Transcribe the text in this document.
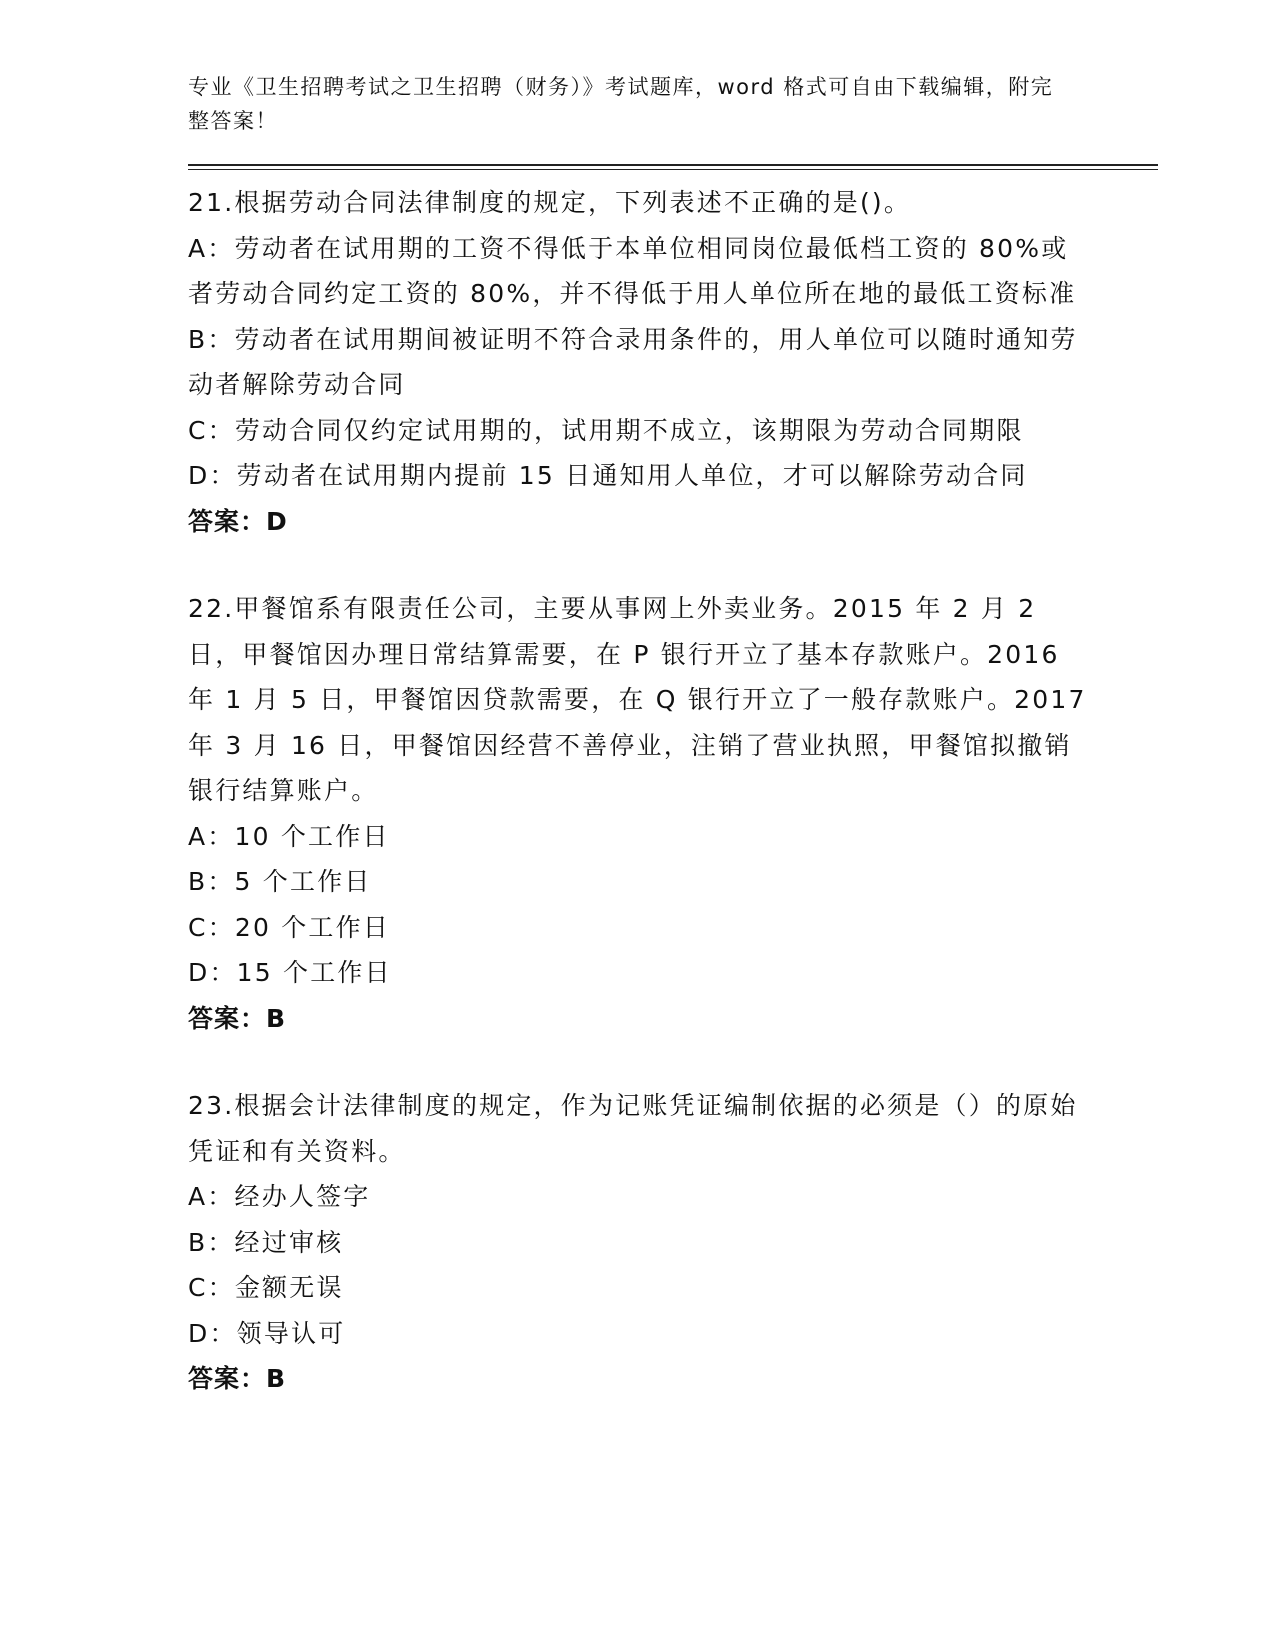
专业《卫生招聘考试之卫生招聘（财务）》考试题库，word 格式可自由下载编辑，附完整答案！

21.根据劳动合同法律制度的规定，下列表述不正确的是()。

A：劳动者在试用期的工资不得低于本单位相同岗位最低档工资的 80%或者劳动合同约定工资的 80%，并不得低于用人单位所在地的最低工资标准

B：劳动者在试用期间被证明不符合录用条件的，用人单位可以随时通知劳动者解除劳动合同

C：劳动合同仅约定试用期的，试用期不成立，该期限为劳动合同期限

D：劳动者在试用期内提前 15 日通知用人单位，才可以解除劳动合同

答案：D

22.甲餐馆系有限责任公司，主要从事网上外卖业务。2015 年 2 月 2 日，甲餐馆因办理日常结算需要，在 P 银行开立了基本存款账户。2016 年 1 月 5 日，甲餐馆因贷款需要，在 Q 银行开立了一般存款账户。2017 年 3 月 16 日，甲餐馆因经营不善停业，注销了营业执照，甲餐馆拟撤销银行结算账户。

A：10 个工作日

B：5 个工作日

C：20 个工作日

D：15 个工作日

答案：B

23.根据会计法律制度的规定，作为记账凭证编制依据的必须是（）的原始凭证和有关资料。

A：经办人签字

B：经过审核

C：金额无误

D：领导认可

答案：B
